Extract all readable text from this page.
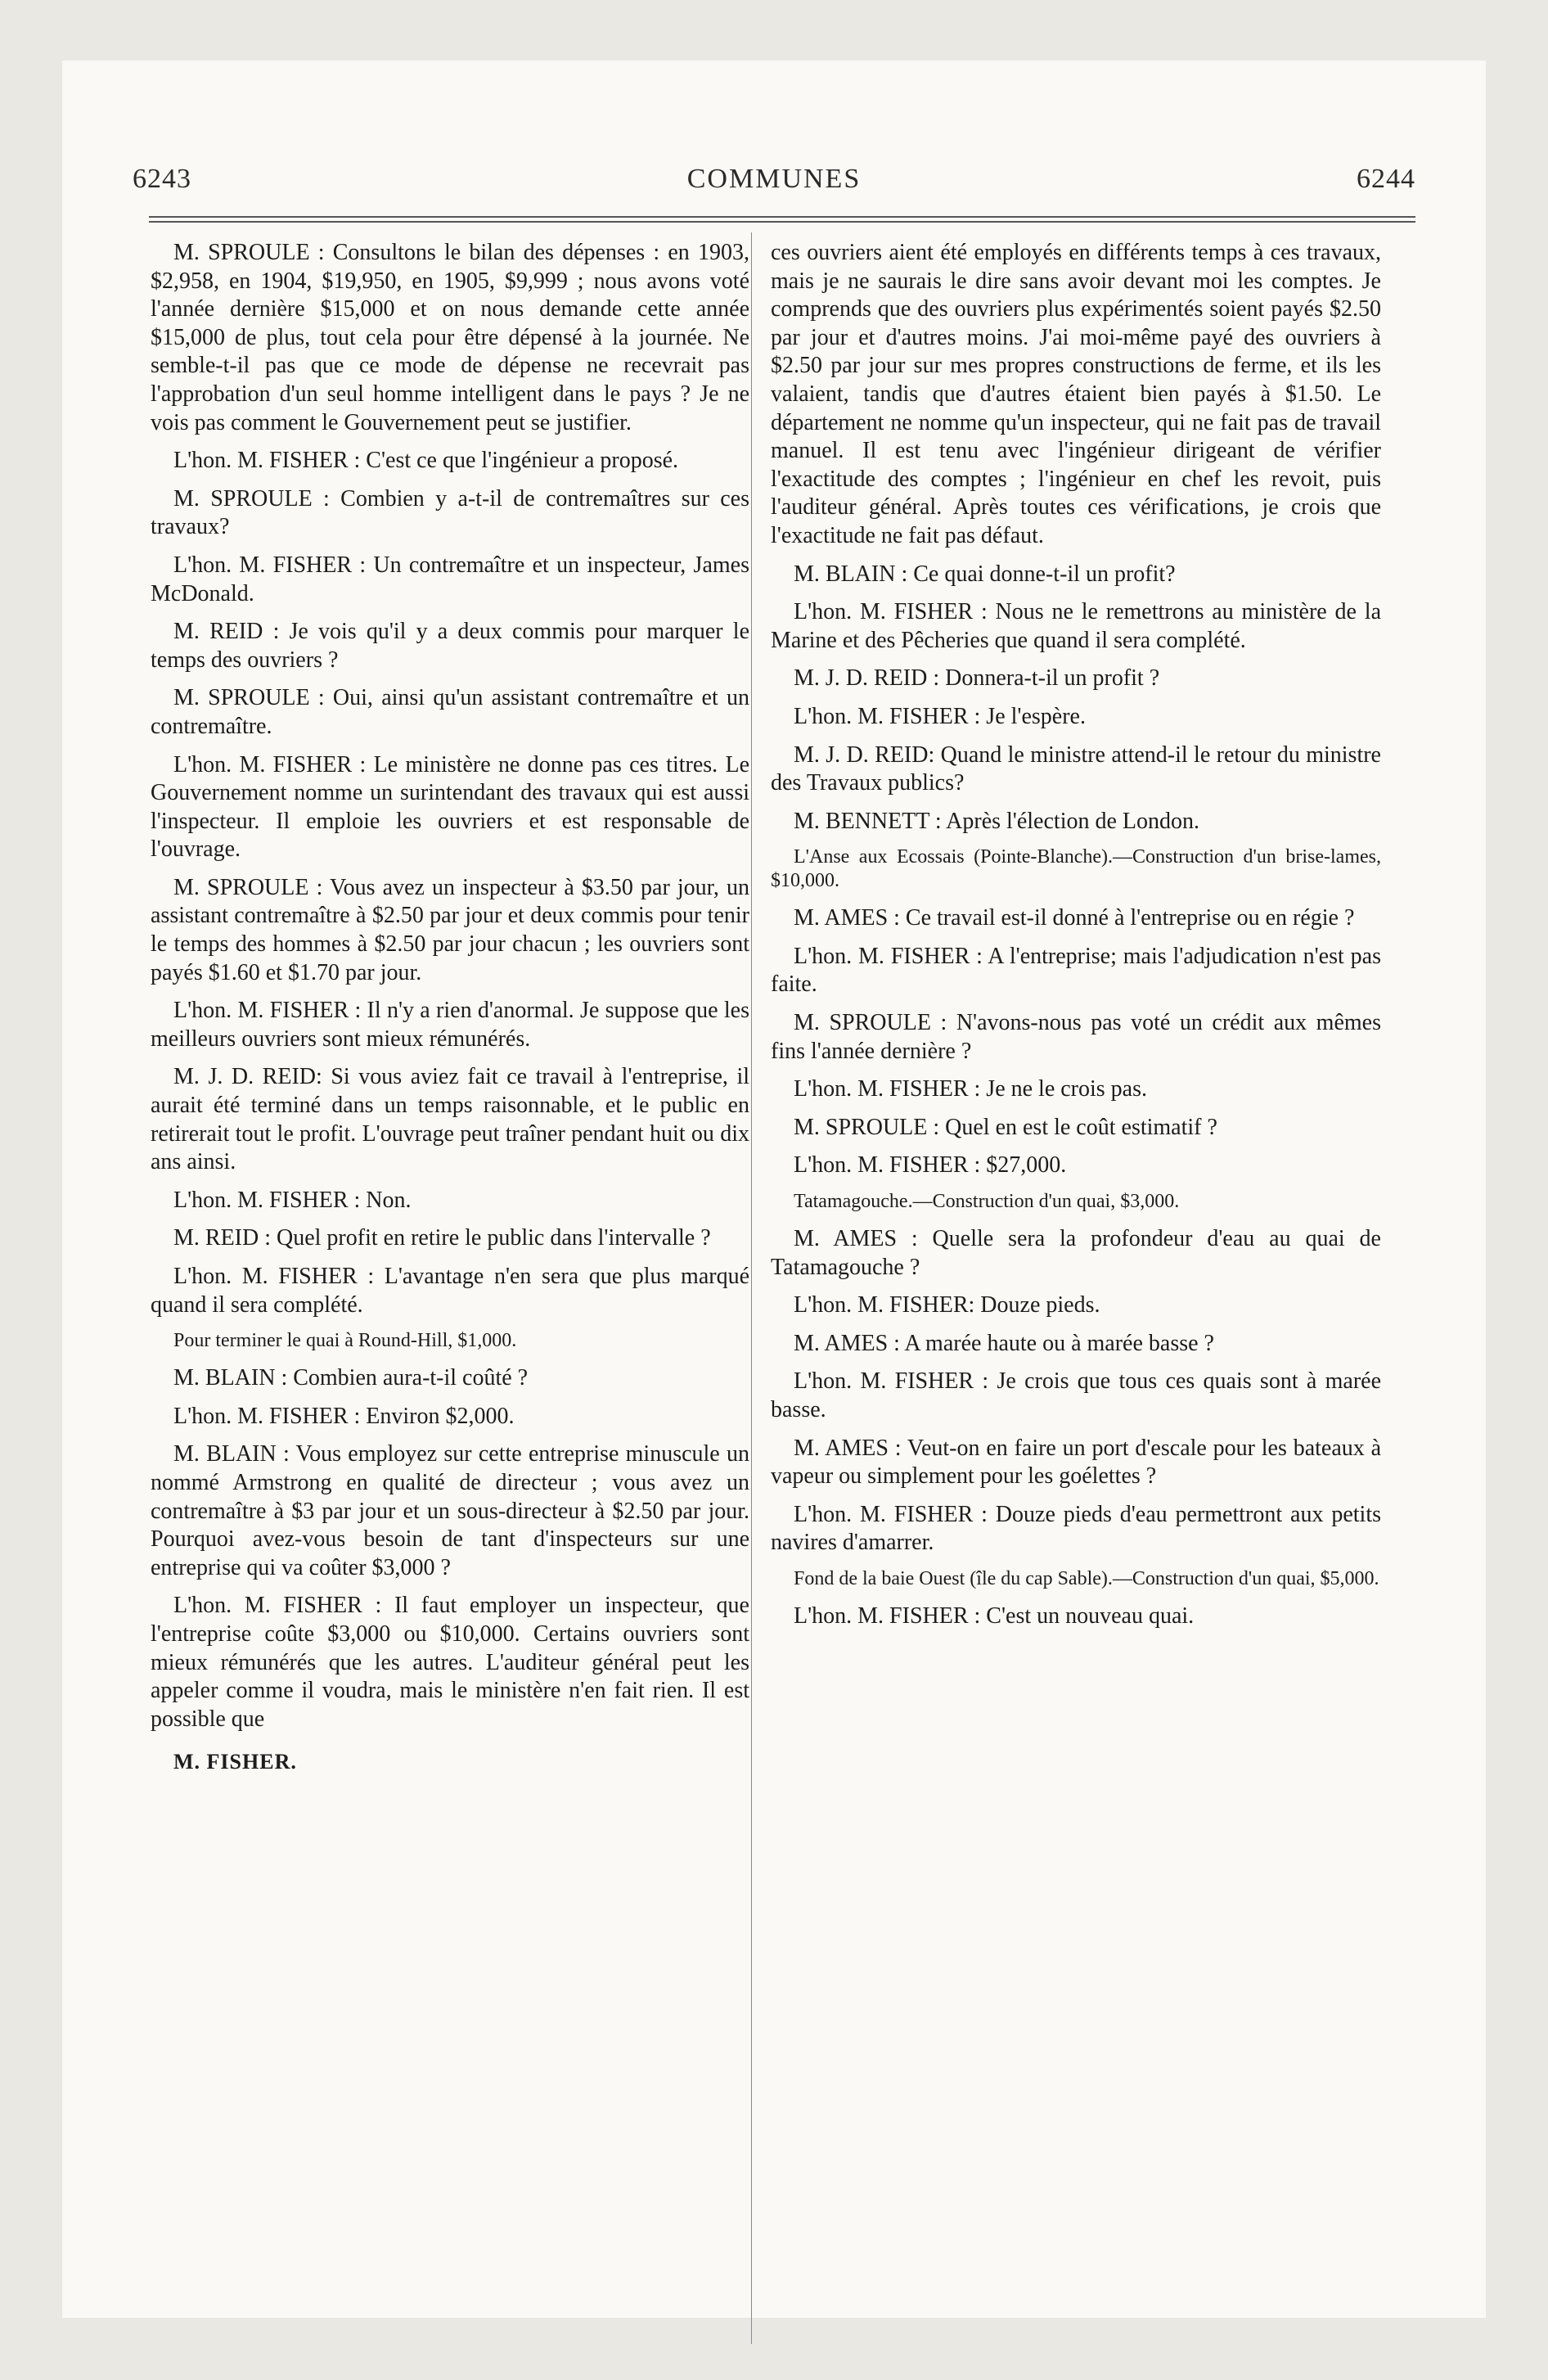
6243	COMMUNES	6244

M. SPROULE : Consultons le bilan des dépenses : en 1903, $2,958, en 1904, $19,950, en 1905, $9,999 ; nous avons voté l'année dernière $15,000 et on nous demande cette année $15,000 de plus, tout cela pour être dépensé à la journée. Ne semble-t-il pas que ce mode de dépense ne recevrait pas l'approbation d'un seul homme intelligent dans le pays ? Je ne vois pas comment le Gouvernement peut se justifier.

L'hon. M. FISHER : C'est ce que l'ingénieur a proposé.

M. SPROULE : Combien y a-t-il de contremaîtres sur ces travaux?

L'hon. M. FISHER : Un contremaître et un inspecteur, James McDonald.

M. REID : Je vois qu'il y a deux commis pour marquer le temps des ouvriers ?

M. SPROULE : Oui, ainsi qu'un assistant contremaître et un contremaître.

L'hon. M. FISHER : Le ministère ne donne pas ces titres. Le Gouvernement nomme un surintendant des travaux qui est aussi l'inspecteur. Il emploie les ouvriers et est responsable de l'ouvrage.

M. SPROULE : Vous avez un inspecteur à $3.50 par jour, un assistant contremaître à $2.50 par jour et deux commis pour tenir le temps des hommes à $2.50 par jour chacun ; les ouvriers sont payés $1.60 et $1.70 par jour.

L'hon. M. FISHER : Il n'y a rien d'anormal. Je suppose que les meilleurs ouvriers sont mieux rémunérés.

M. J. D. REID: Si vous aviez fait ce travail à l'entreprise, il aurait été terminé dans un temps raisonnable, et le public en retirerait tout le profit. L'ouvrage peut traîner pendant huit ou dix ans ainsi.

L'hon. M. FISHER : Non.

M. REID : Quel profit en retire le public dans l'intervalle ?

L'hon. M. FISHER : L'avantage n'en sera que plus marqué quand il sera complété.

Pour terminer le quai à Round-Hill, $1,000.

M. BLAIN : Combien aura-t-il coûté ?

L'hon. M. FISHER : Environ $2,000.

M. BLAIN : Vous employez sur cette entreprise minuscule un nommé Armstrong en qualité de directeur ; vous avez un contremaître à $3 par jour et un sous-directeur à $2.50 par jour. Pourquoi avez-vous besoin de tant d'inspecteurs sur une entreprise qui va coûter $3,000 ?

L'hon. M. FISHER : Il faut employer un inspecteur, que l'entreprise coûte $3,000 ou $10,000. Certains ouvriers sont mieux rémunérés que les autres. L'auditeur général peut les appeler comme il voudra, mais le ministère n'en fait rien. Il est possible que

M. FISHER.

ces ouvriers aient été employés en différents temps à ces travaux, mais je ne saurais le dire sans avoir devant moi les comptes. Je comprends que des ouvriers plus expérimentés soient payés $2.50 par jour et d'autres moins. J'ai moi-même payé des ouvriers à $2.50 par jour sur mes propres constructions de ferme, et ils les valaient, tandis que d'autres étaient bien payés à $1.50. Le département ne nomme qu'un inspecteur, qui ne fait pas de travail manuel. Il est tenu avec l'ingénieur dirigeant de vérifier l'exactitude des comptes ; l'ingénieur en chef les revoit, puis l'auditeur général. Après toutes ces vérifications, je crois que l'exactitude ne fait pas défaut.

M. BLAIN : Ce quai donne-t-il un profit?

L'hon. M. FISHER : Nous ne le remettrons au ministère de la Marine et des Pêcheries que quand il sera complété.

M. J. D. REID : Donnera-t-il un profit ?

L'hon. M. FISHER : Je l'espère.

M. J. D. REID: Quand le ministre attend-il le retour du ministre des Travaux publics?

M. BENNETT : Après l'élection de London.

L'Anse aux Ecossais (Pointe-Blanche).—Construction d'un brise-lames, $10,000.

M. AMES : Ce travail est-il donné à l'entreprise ou en régie ?

L'hon. M. FISHER : A l'entreprise; mais l'adjudication n'est pas faite.

M. SPROULE : N'avons-nous pas voté un crédit aux mêmes fins l'année dernière ?

L'hon. M. FISHER : Je ne le crois pas.

M. SPROULE : Quel en est le coût estimatif ?

L'hon. M. FISHER : $27,000.

Tatamagouche.—Construction d'un quai, $3,000.

M. AMES : Quelle sera la profondeur d'eau au quai de Tatamagouche ?

L'hon. M. FISHER: Douze pieds.

M. AMES : A marée haute ou à marée basse ?

L'hon. M. FISHER : Je crois que tous ces quais sont à marée basse.

M. AMES : Veut-on en faire un port d'escale pour les bateaux à vapeur ou simplement pour les goélettes ?

L'hon. M. FISHER : Douze pieds d'eau permettront aux petits navires d'amarrer.

Fond de la baie Ouest (île du cap Sable).—Construction d'un quai, $5,000.

L'hon. M. FISHER : C'est un nouveau quai.
